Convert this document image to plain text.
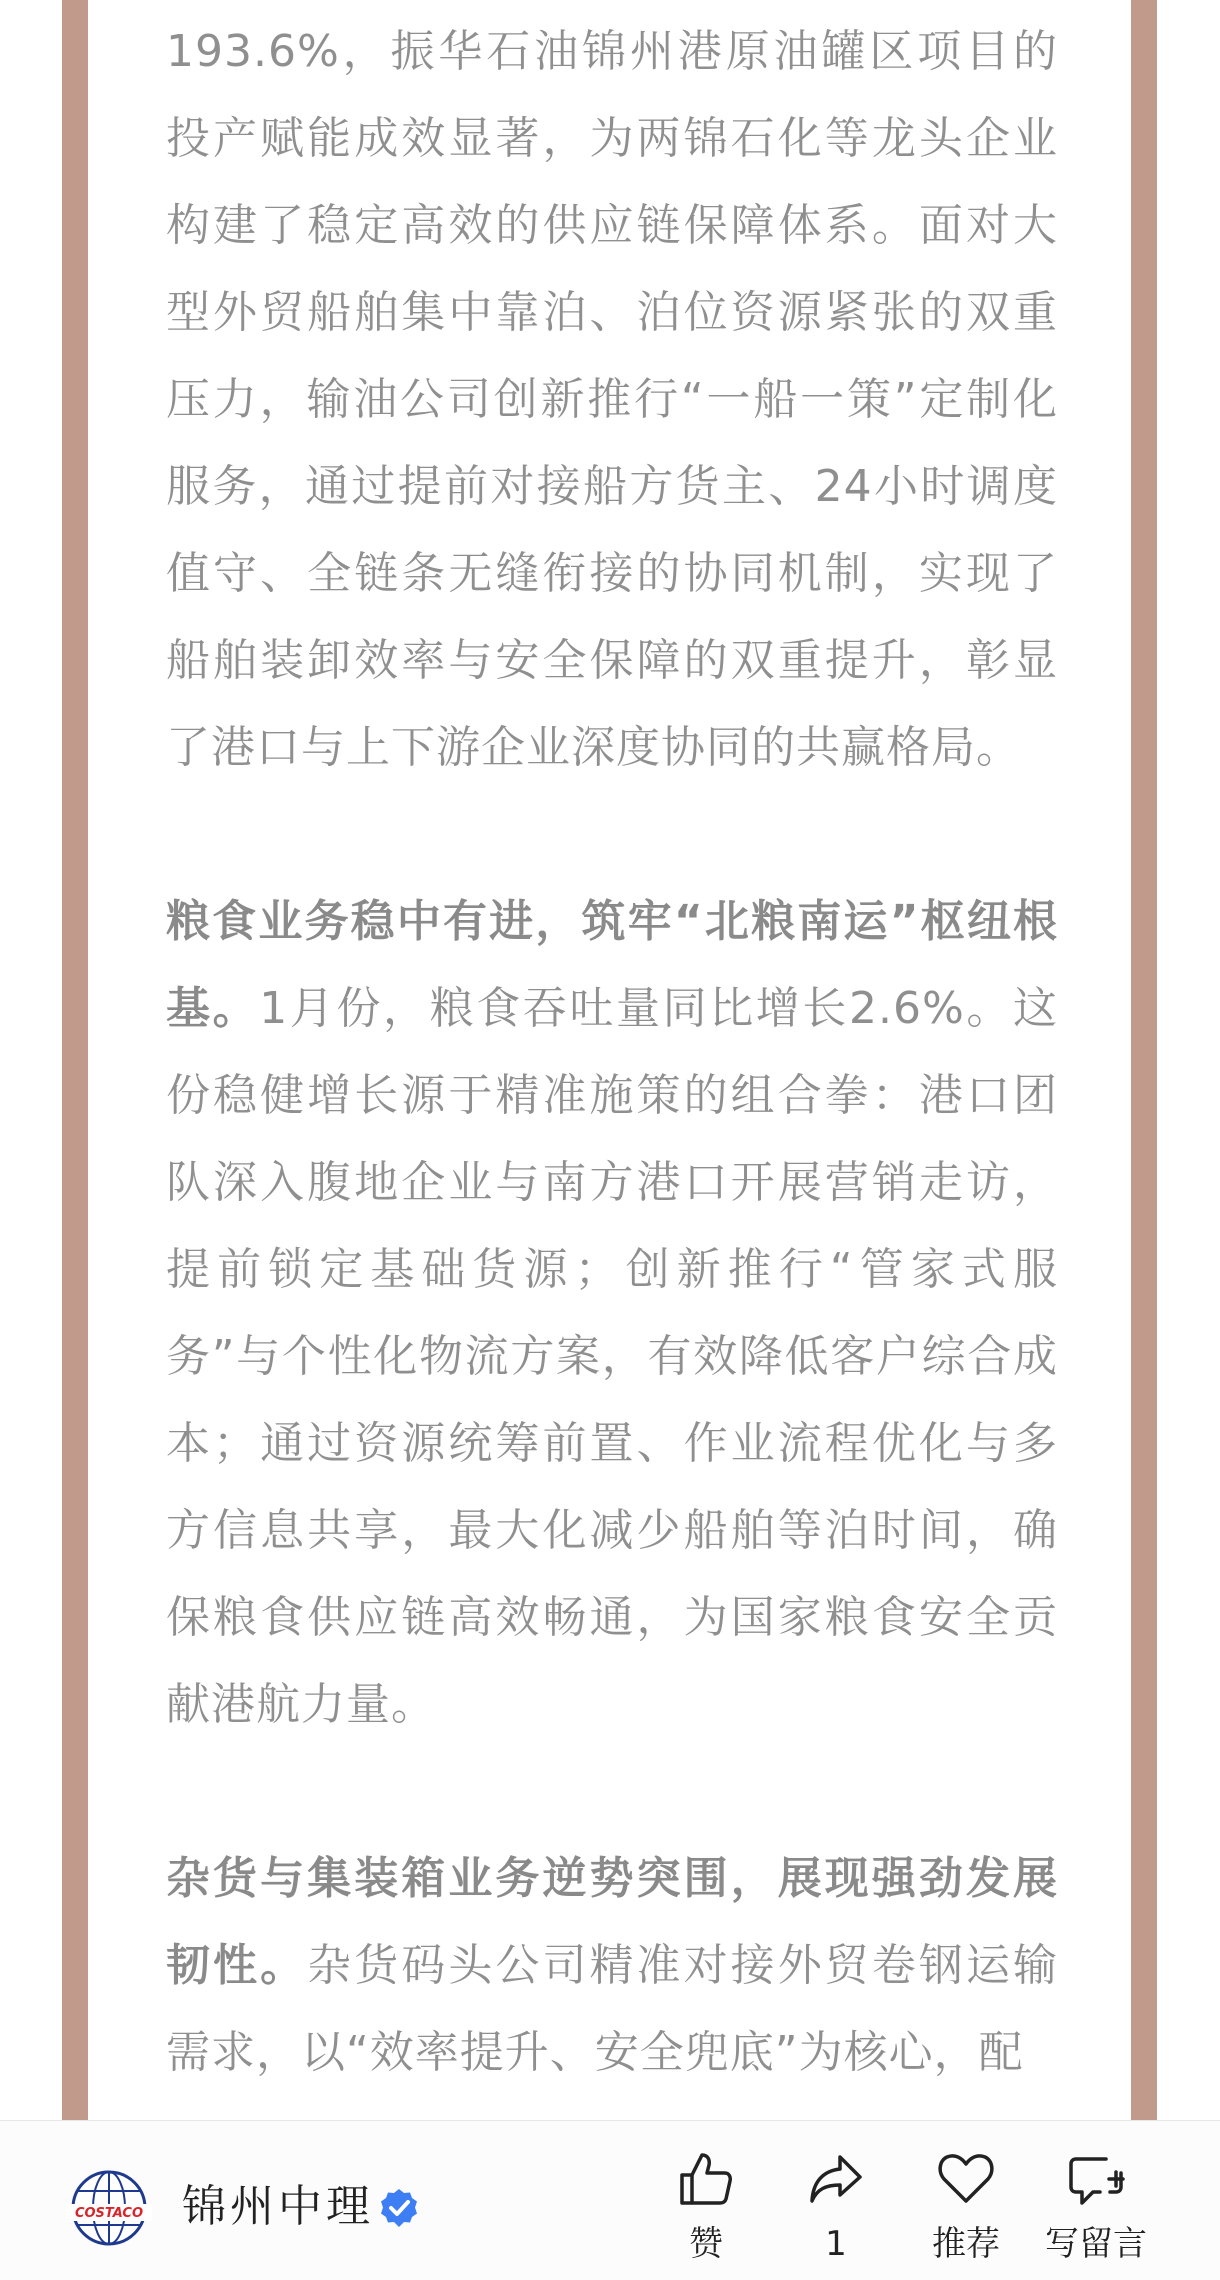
193.6%，振华石油锦州港原油罐区项目的投产赋能成效显著，为两锦石化等龙头企业构建了稳定高效的供应链保障体系。面对大型外贸船舶集中靠泊、泊位资源紧张的双重压力，输油公司创新推行“一船一策”定制化服务，通过提前对接船方货主、24小时调度值守、全链条无缝衔接的协同机制，实现了船舶装卸效率与安全保障的双重提升，彰显了港口与上下游企业深度协同的共赢格局。

粮食业务稳中有进，筑牢“北粮南运”枢纽根基。1月份，粮食吞吐量同比增长2.6%。这份稳健增长源于精准施策的组合拳：港口团队深入腹地企业与南方港口开展营销走访，提前锁定基础货源；创新推行“管家式服务”与个性化物流方案，有效降低客户综合成本；通过资源统筹前置、作业流程优化与多方信息共享，最大化减少船舶等泊时间，确保粮食供应链高效畅通，为国家粮食安全贡献港航力量。

杂货与集装箱业务逆势突围，展现强劲发展韧性。杂货码头公司精准对接外贸卷钢运输需求，以“效率提升、安全兜底”为核心，配

COSTACO 锦州中理
赞	1	推荐	写留言
